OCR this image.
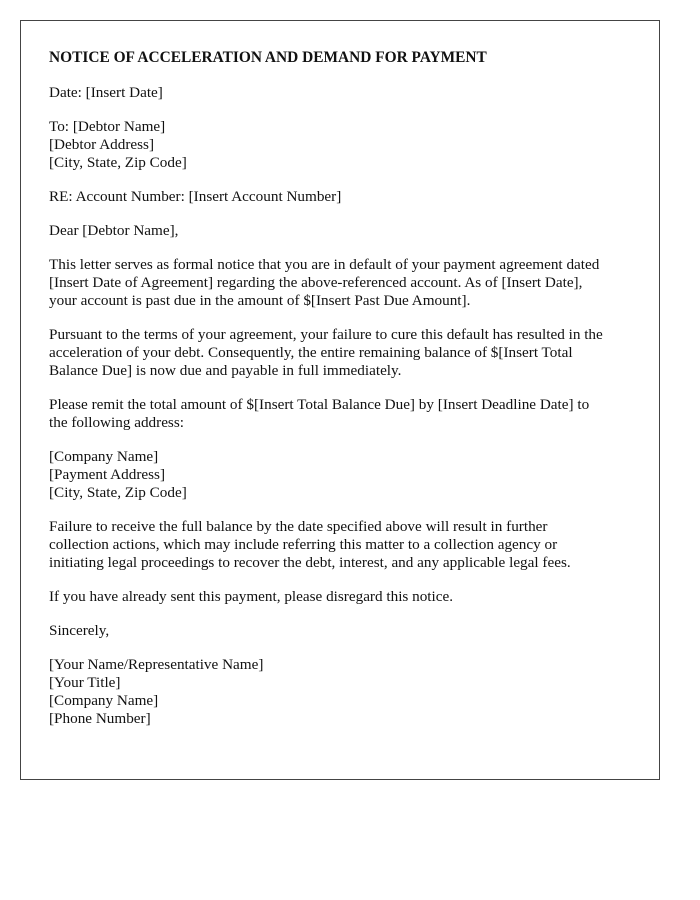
NOTICE OF ACCELERATION AND DEMAND FOR PAYMENT
Date: [Insert Date]
To: [Debtor Name]
[Debtor Address]
[City, State, Zip Code]
RE: Account Number: [Insert Account Number]
Dear [Debtor Name],
This letter serves as formal notice that you are in default of your payment agreement dated
[Insert Date of Agreement] regarding the above-referenced account. As of [Insert Date],
your account is past due in the amount of $[Insert Past Due Amount].
Pursuant to the terms of your agreement, your failure to cure this default has resulted in the
acceleration of your debt. Consequently, the entire remaining balance of $[Insert Total
Balance Due] is now due and payable in full immediately.
Please remit the total amount of $[Insert Total Balance Due] by [Insert Deadline Date] to
the following address:
[Company Name]
[Payment Address]
[City, State, Zip Code]
Failure to receive the full balance by the date specified above will result in further
collection actions, which may include referring this matter to a collection agency or
initiating legal proceedings to recover the debt, interest, and any applicable legal fees.
If you have already sent this payment, please disregard this notice.
Sincerely,
[Your Name/Representative Name]
[Your Title]
[Company Name]
[Phone Number]
